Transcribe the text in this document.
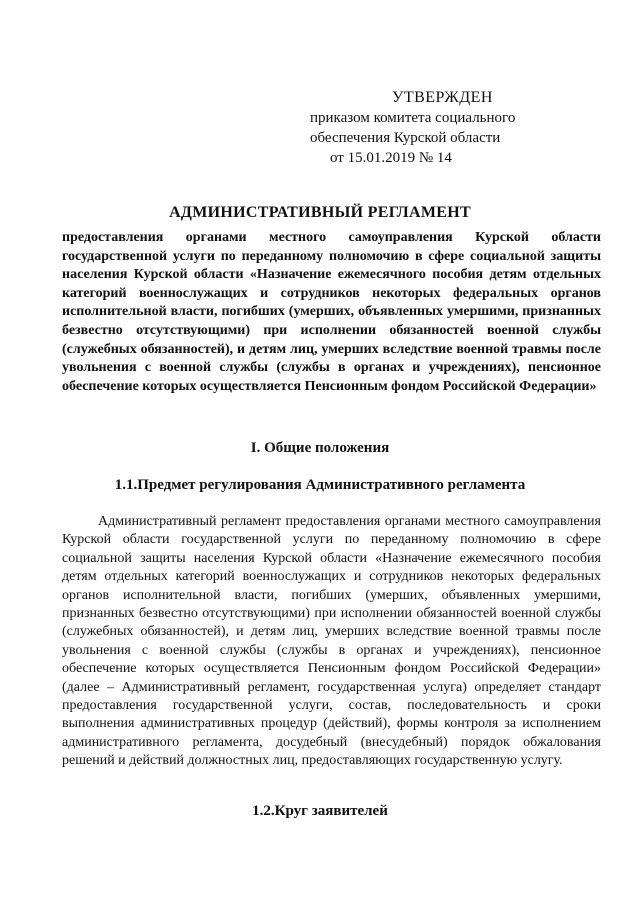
УТВЕРЖДЕН
приказом комитета социального
обеспечения Курской области
от 15.01.2019 № 14
АДМИНИСТРАТИВНЫЙ РЕГЛАМЕНТ
предоставления органами местного самоуправления Курской области государственной услуги по переданному полномочию в сфере социальной защиты населения Курской области «Назначение ежемесячного пособия детям отдельных категорий военнослужащих и сотрудников некоторых федеральных органов исполнительной власти, погибших (умерших, объявленных умершими, признанных безвестно отсутствующими) при исполнении обязанностей военной службы (служебных обязанностей), и детям лиц, умерших вследствие военной травмы после увольнения с военной службы (службы в органах и учреждениях), пенсионное обеспечение которых осуществляется Пенсионным фондом Российской Федерации»
I. Общие положения
1.1.Предмет регулирования Административного регламента
Административный регламент предоставления органами местного самоуправления Курской области государственной услуги по переданному полномочию в сфере социальной защиты населения Курской области «Назначение ежемесячного пособия детям отдельных категорий военнослужащих и сотрудников некоторых федеральных органов исполнительной власти, погибших (умерших, объявленных умершими, признанных безвестно отсутствующими) при исполнении обязанностей военной службы (служебных обязанностей), и детям лиц, умерших вследствие военной травмы после увольнения с военной службы (службы в органах и учреждениях), пенсионное обеспечение которых осуществляется Пенсионным фондом Российской Федерации» (далее – Административный регламент, государственная услуга) определяет стандарт предоставления государственной услуги, состав, последовательность и сроки выполнения административных процедур (действий), формы контроля за исполнением административного регламента, досудебный (внесудебный) порядок обжалования решений и действий должностных лиц, предоставляющих государственную услугу.
1.2.Круг заявителей
